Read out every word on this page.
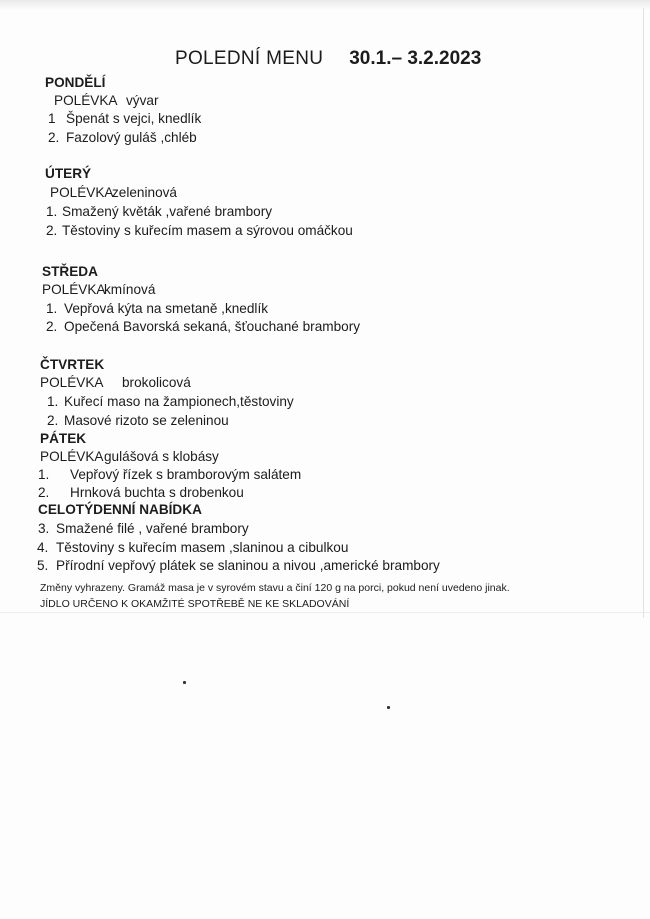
POLEDNÍ MENU 30.1.– 3.2.2023
PONDĚLÍ
POLÉVKA vývar
1 Špenát s vejci, knedlík
2. Fazolový guláš ,chléb
ÚTERÝ
POLÉVKA
zeleninová
1. Smažený květák ,vařené brambory
2. Těstoviny s kuřecím masem a sýrovou omáčkou
STŘEDA
POLÉVKA
kmínová
1. Vepřová kýta na smetaně ,knedlík
2. Opečená Bavorská sekaná, šťouchané brambory
ČTVRTEK
POLÉVKA brokolicová
1. Kuřecí maso na žampionech,těstoviny
2. Masové rizoto se zeleninou
PÁTEK
POLÉVKA gulášová s klobásy
1. Vepřový řízek s bramborovým salátem
2. Hrnková buchta s drobenkou
CELOTÝDENNÍ NABÍDKA
3. Smažené filé , vařené brambory
4. Těstoviny s kuřecím masem ,slaninou a cibulkou
5. Přírodní vepřový plátek se slaninou a nivou ,americké brambory
Změny vyhrazeny. Gramáž masa je v syrovém stavu a činí 120 g na porci, pokud není uvedeno jinak.
JÍDLO URČENO K OKAMŽITÉ SPOTŘEBĚ NE KE SKLADOVÁNÍ
